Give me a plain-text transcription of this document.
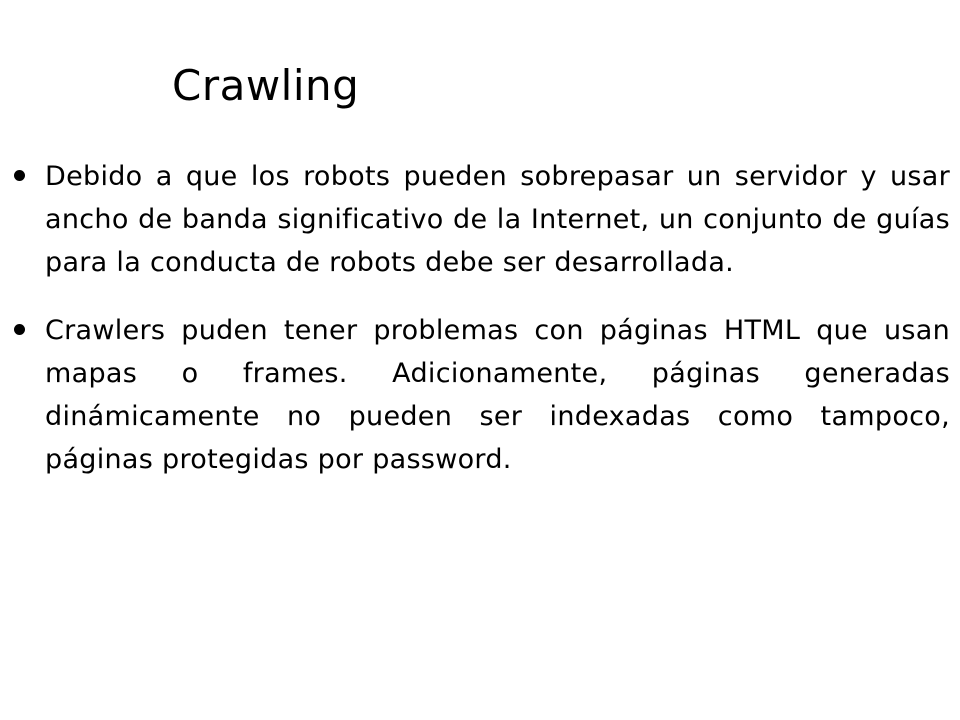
Crawling

Debido a que los robots pueden sobrepasar un servidor y usar ancho de banda significativo de la Internet, un conjunto de guías para la conducta de robots debe ser desarrollada.

Crawlers puden tener problemas con páginas HTML que usan mapas o frames. Adicionamente, páginas generadas dinámicamente no pueden ser indexadas como tampoco, páginas protegidas por password.
